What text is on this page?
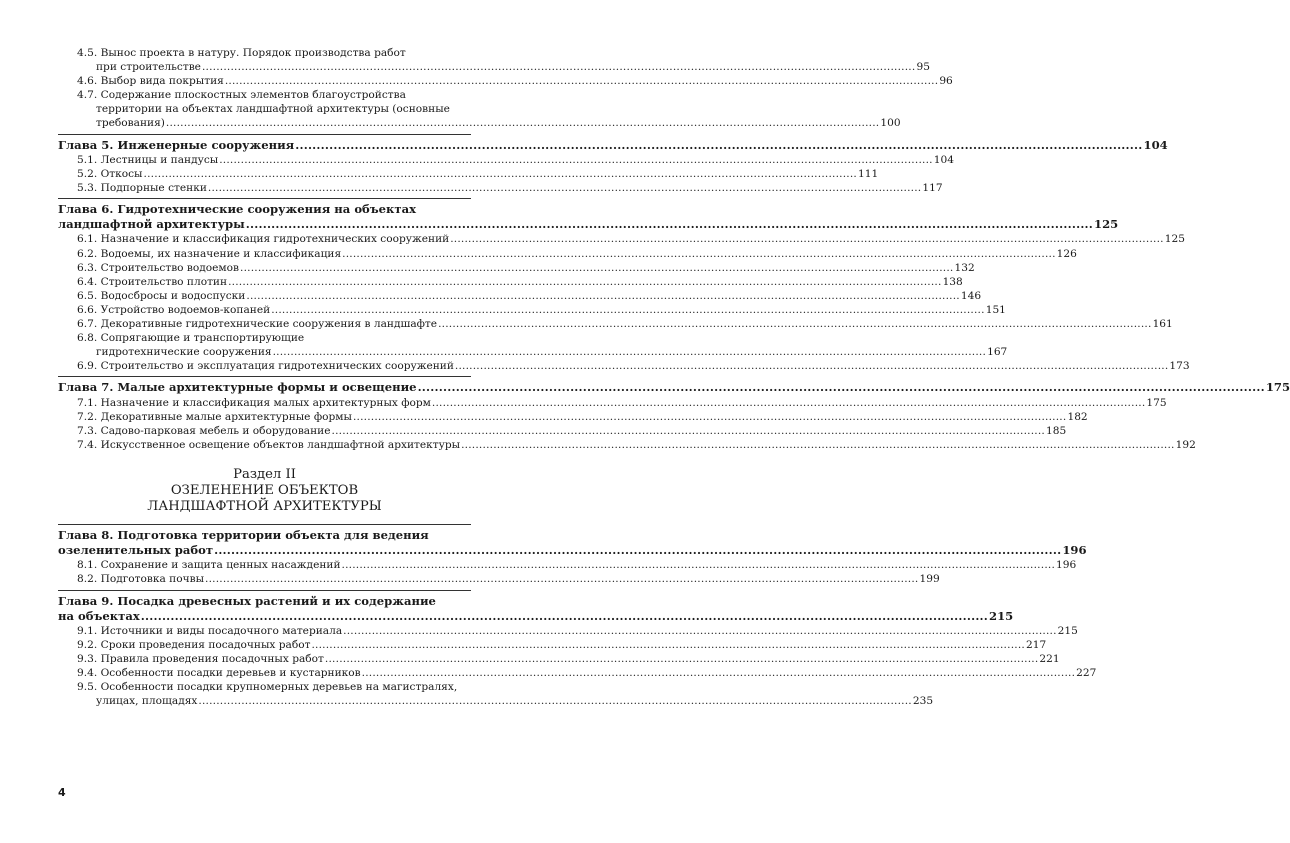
4.5. Вынос проекта в натуру. Порядок производства работ
при строительстве .....	95
4.6. Выбор вида покрытия .....	96
4.7. Содержание плоскостных элементов благоустройства
территории на объектах ландшафтной архитектуры (основные
требования) .....	100
Глава 5. Инженерные сооружения .....	104
5.1. Лестницы и пандусы .....	104
5.2. Откосы .....	111
5.3. Подпорные стенки .....	117
Глава 6. Гидротехнические сооружения на объектах
ландшафтной архитектуры .....	125
6.1. Назначение и классификация гидротехнических сооружений .....	125
6.2. Водоемы, их назначение и классификация .....	126
6.3. Строительство водоемов .....	132
6.4. Строительство плотин .....	138
6.5. Водосбросы и водоспуски .....	146
6.6. Устройство водоемов-копаней .....	151
6.7. Декоративные гидротехнические сооружения в ландшафте .....	161
6.8. Сопрягающие и транспортирующие
гидротехнические сооружения .....	167
6.9. Строительство и эксплуатация гидротехнических сооружений .....	173
Глава 7. Малые архитектурные формы и освещение .....	175
7.1. Назначение и классификация малых архитектурных форм .....	175
7.2. Декоративные малые архитектурные формы .....	182
7.3. Садово-парковая мебель и оборудование .....	185
7.4. Искусственное освещение объектов ландшафтной архитектуры .....	192
Раздел II
ОЗЕЛЕНЕНИЕ ОБЪЕКТОВ
ЛАНДШАФТНОЙ АРХИТЕКТУРЫ
Глава 8. Подготовка территории объекта для ведения
озеленительных работ .....	196
8.1. Сохранение и защита ценных насаждений .....	196
8.2. Подготовка почвы .....	199
Глава 9. Посадка древесных растений и их содержание
на объектах .....	215
9.1. Источники и виды посадочного материала .....	215
9.2. Сроки проведения посадочных работ .....	217
9.3. Правила проведения посадочных работ .....	221
9.4. Особенности посадки деревьев и кустарников .....	227
9.5. Особенности посадки крупномерных деревьев на магистралях,
улицах, площадях .....	235
4
